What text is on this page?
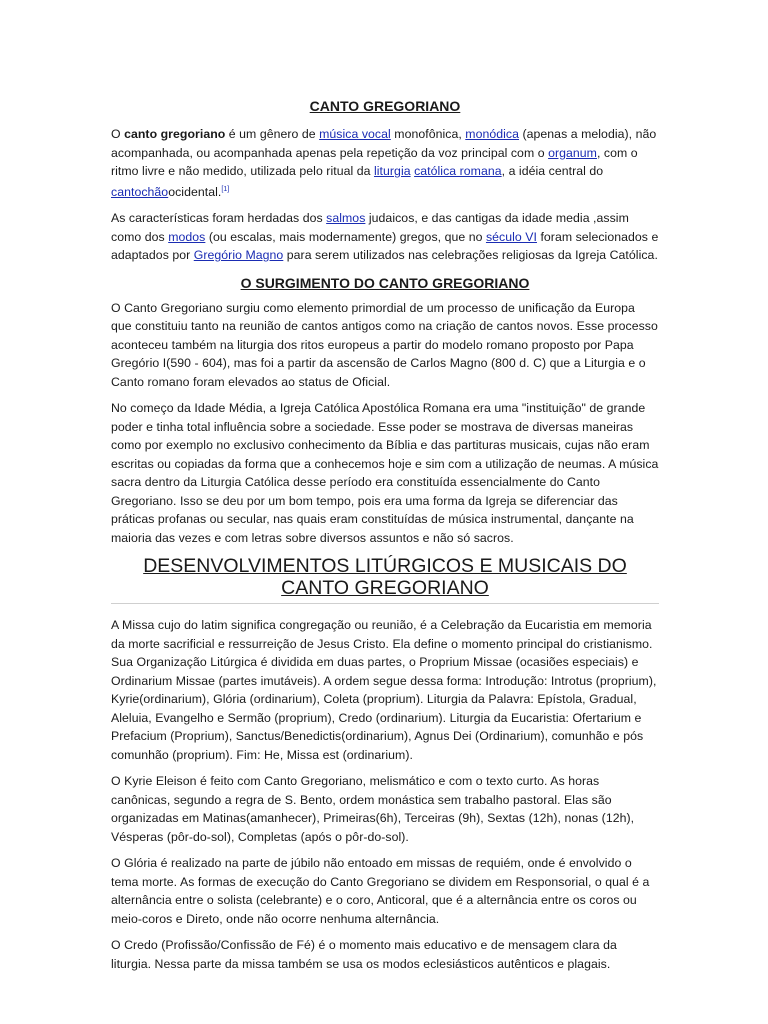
CANTO GREGORIANO

O canto gregoriano é um gênero de música vocal monofônica, monódica (apenas a melodia), não acompanhada, ou acompanhada apenas pela repetição da voz principal com o organum, com o ritmo livre e não medido, utilizada pelo ritual da liturgia católica romana, a idéia central do cantochãoocidental.[1]

As características foram herdadas dos salmos judaicos, e das cantigas da idade media ,assim como dos modos (ou escalas, mais modernamente) gregos, que no século VI foram selecionados e adaptados por Gregório Magno para serem utilizados nas celebrações religiosas da Igreja Católica.

O SURGIMENTO DO CANTO GREGORIANO

O Canto Gregoriano surgiu como elemento primordial de um processo de unificação da Europa que constituiu tanto na reunião de cantos antigos como na criação de cantos novos. Esse processo aconteceu também na liturgia dos ritos europeus a partir do modelo romano proposto por Papa Gregório I(590 - 604), mas foi a partir da ascensão de Carlos Magno (800 d. C) que a Liturgia e o Canto romano foram elevados ao status de Oficial.

No começo da Idade Média, a Igreja Católica Apostólica Romana era uma "instituição" de grande poder e tinha total influência sobre a sociedade. Esse poder se mostrava de diversas maneiras como por exemplo no exclusivo conhecimento da Bíblia e das partituras musicais, cujas não eram escritas ou copiadas da forma que a conhecemos hoje e sim com a utilização de neumas. A música sacra dentro da Liturgia Católica desse período era constituída essencialmente do Canto Gregoriano. Isso se deu por um bom tempo, pois era uma forma da Igreja se diferenciar das práticas profanas ou secular, nas quais eram constituídas de música instrumental, dançante na maioria das vezes e com letras sobre diversos assuntos e não só sacros.

DESENVOLVIMENTOS LITÚRGICOS E MUSICAIS DO CANTO GREGORIANO

A Missa cujo do latim significa congregação ou reunião, é a Celebração da Eucaristia em memoria da morte sacrificial e ressurreição de Jesus Cristo. Ela define o momento principal do cristianismo. Sua Organização Litúrgica é dividida em duas partes, o Proprium Missae (ocasiões especiais) e Ordinarium Missae (partes imutáveis). A ordem segue dessa forma: Introdução: Introtus (proprium), Kyrie(ordinarium), Glória (ordinarium), Coleta (proprium). Liturgia da Palavra: Epístola, Gradual, Aleluia, Evangelho e Sermão (proprium), Credo (ordinarium). Liturgia da Eucaristia: Ofertarium e Prefacium (Proprium), Sanctus/Benedictis(ordinarium), Agnus Dei (Ordinarium), comunhão e pós comunhão (proprium). Fim: He, Missa est (ordinarium).

O Kyrie Eleison é feito com Canto Gregoriano, melismático e com o texto curto. As horas canônicas, segundo a regra de S. Bento, ordem monástica sem trabalho pastoral. Elas são organizadas em Matinas(amanhecer), Primeiras(6h), Terceiras (9h), Sextas (12h), nonas (12h), Vésperas (pôr-do-sol), Completas (após o pôr-do-sol).

O Glória é realizado na parte de júbilo não entoado em missas de requiém, onde é envolvido o tema morte. As formas de execução do Canto Gregoriano se dividem em Responsorial, o qual é a alternância entre o solista (celebrante) e o coro, Anticoral, que é a alternância entre os coros ou meio-coros e Direto, onde não ocorre nenhuma alternância.

O Credo (Profissão/Confissão de Fé) é o momento mais educativo e de mensagem clara da liturgia. Nessa parte da missa também se usa os modos eclesiásticos autênticos e plagais.
